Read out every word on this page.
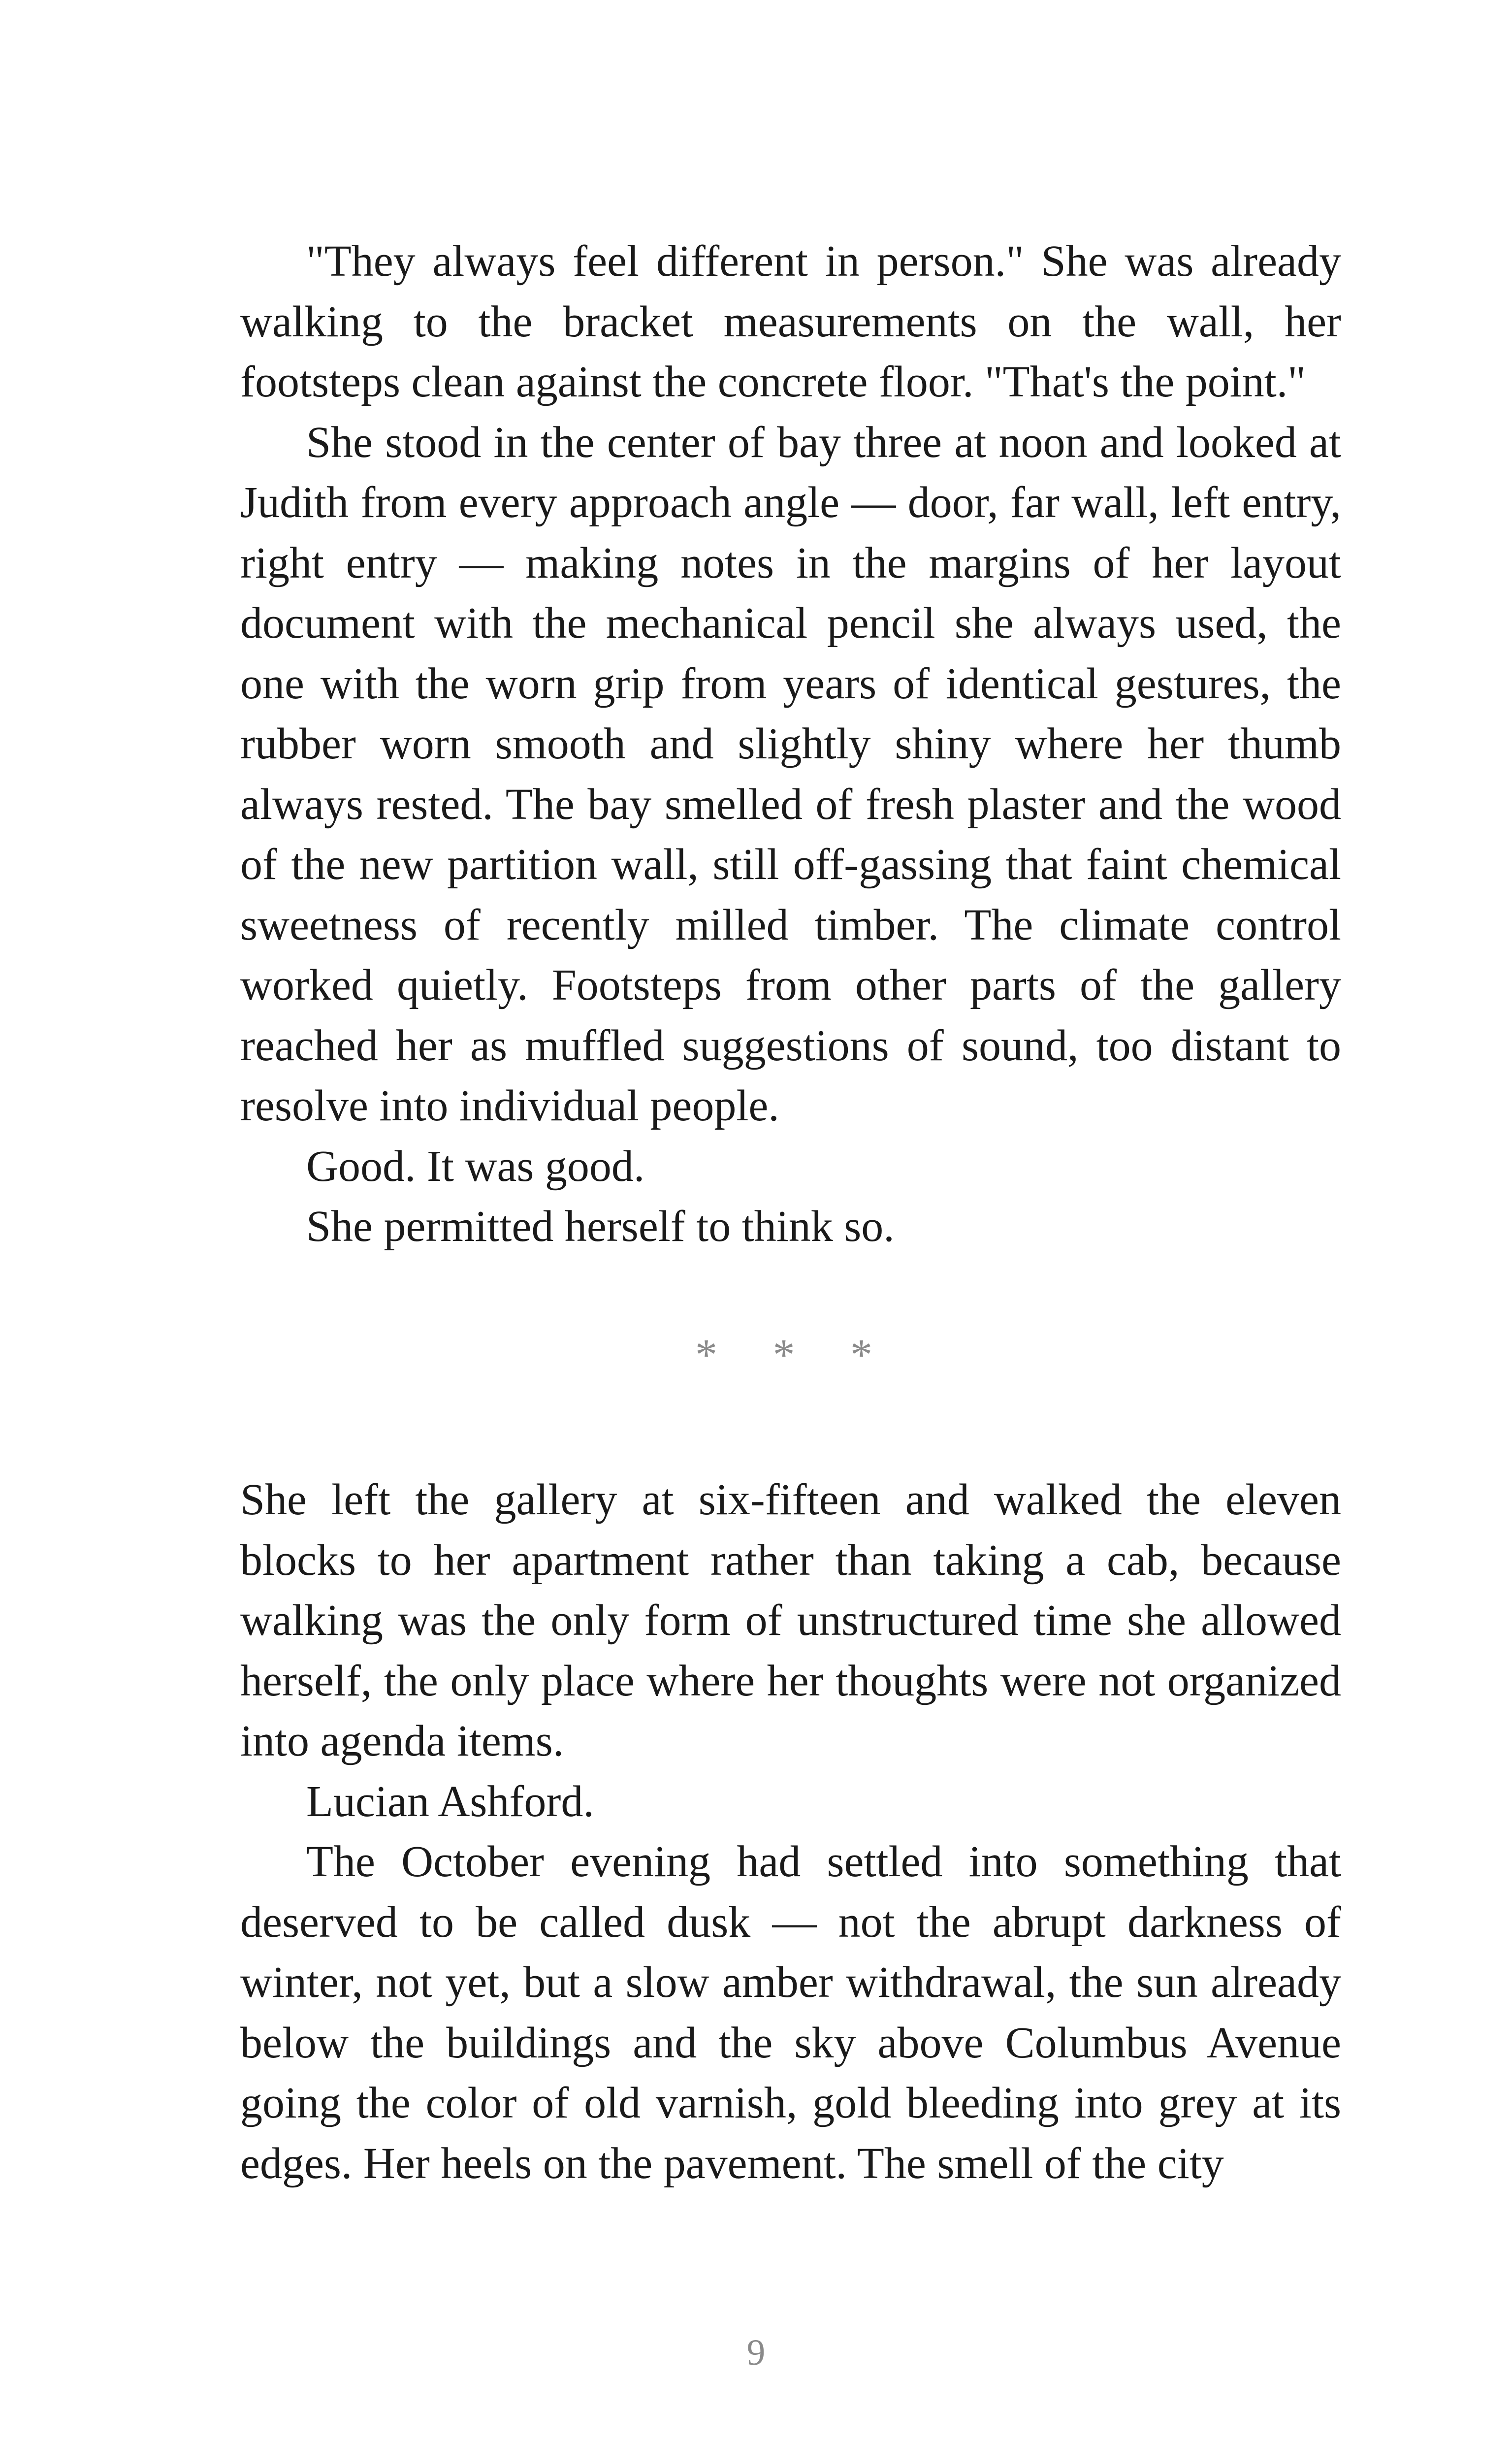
"They always feel different in person." She was already walking to the bracket measurements on the wall, her footsteps clean against the concrete floor. "That's the point."

She stood in the center of bay three at noon and looked at Judith from every approach angle — door, far wall, left entry, right entry — making notes in the margins of her layout document with the mechanical pencil she always used, the one with the worn grip from years of identical gestures, the rubber worn smooth and slightly shiny where her thumb always rested. The bay smelled of fresh plaster and the wood of the new partition wall, still off-gassing that faint chemical sweetness of recently milled timber. The climate control worked quietly. Footsteps from other parts of the gallery reached her as muffled suggestions of sound, too distant to resolve into individual people.

Good. It was good.

She permitted herself to think so.

* * *

She left the gallery at six-fifteen and walked the eleven blocks to her apartment rather than taking a cab, because walking was the only form of unstructured time she allowed herself, the only place where her thoughts were not organized into agenda items.

Lucian Ashford.

The October evening had settled into something that deserved to be called dusk — not the abrupt darkness of winter, not yet, but a slow amber withdrawal, the sun already below the buildings and the sky above Columbus Avenue going the color of old varnish, gold bleeding into grey at its edges. Her heels on the pavement. The smell of the city

9
